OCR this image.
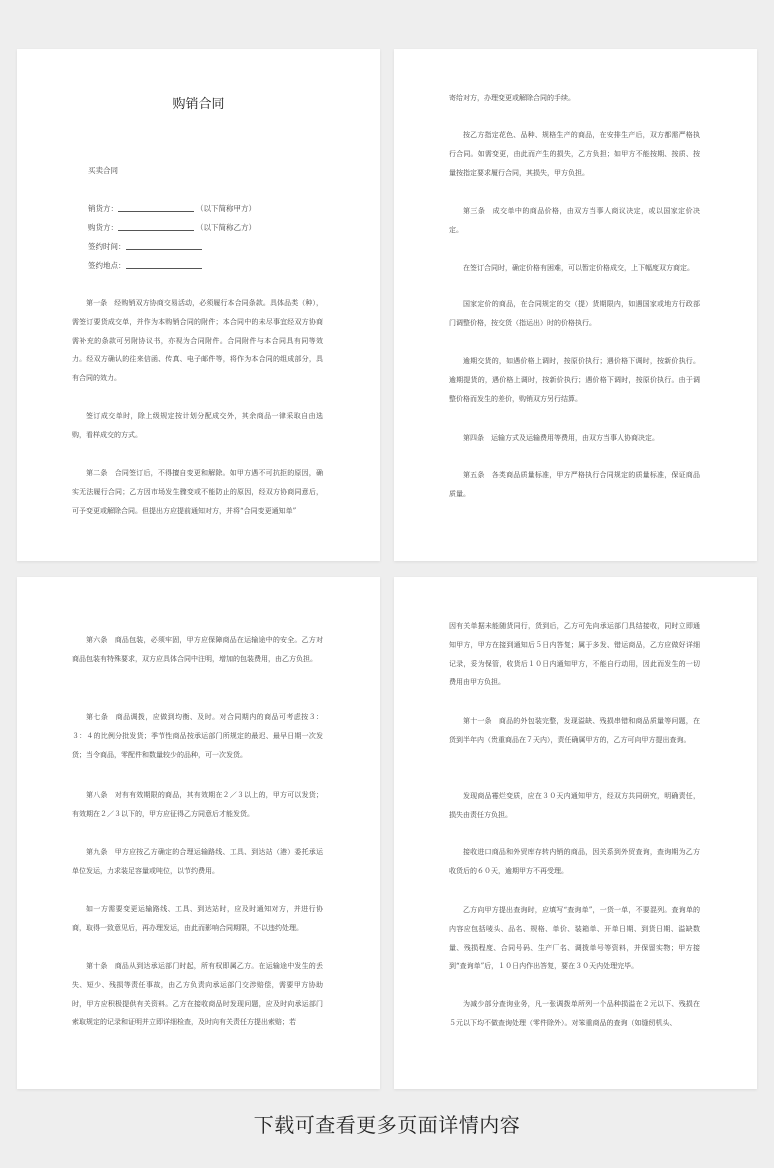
购销合同
买卖合同
销货方：	（以下简称甲方）
购货方：	（以下简称乙方）
签约时间：
签约地点：

第一条　经购销双方协商交易活动，必须履行本合同条款。具体品类（种），需签订要货成交单，并作为本购销合同的附件；本合同中的未尽事宜经双方协商需补充的条款可另附协议书，亦视为合同附件。合同附件与本合同具有同等效力。经双方确认的往来信函、传真、电子邮件等，将作为本合同的组成部分，具有合同的效力。

签订成交单时，除上级规定按计划分配成交外，其余商品一律采取自由选购，看样成交的方式。

第二条　合同签订后，不得擅自变更和解除。如甲方遇不可抗拒的原因，确实无法履行合同；乙方因市场发生骤变或不能防止的原因，经双方协商同意后，可予变更或解除合同。但提出方应提前通知对方，并将“合同变更通知单”

寄给对方，办理变更或解除合同的手续。

按乙方指定花色、品种、规格生产的商品，在安排生产后，双方都需严格执行合同。如需变更，由此而产生的损失，乙方负担；如甲方不能按期、按质、按量按指定要求履行合同，其损失，甲方负担。

第三条　成交单中的商品价格，由双方当事人商议决定，或以国家定价决定。

在签订合同时，确定价格有困难，可以暂定价格成交，上下幅度双方商定。

国家定价的商品，在合同规定的交（提）货期限内，如遇国家或地方行政部门调整价格，按交货（指运出）时的价格执行。

逾期交货的，如遇价格上调时，按原价执行；遇价格下调时，按新价执行。逾期提货的，遇价格上调时，按新价执行；遇价格下调时，按原价执行。由于调整价格而发生的差价，购销双方另行结算。

第四条　运输方式及运输费用等费用，由双方当事人协商决定。

第五条　各类商品质量标准，甲方严格执行合同规定的质量标准，保证商品质量。

第六条　商品包装，必须牢固，甲方应保障商品在运输途中的安全。乙方对商品包装有特殊要求，双方应具体合同中注明，增加的包装费用，由乙方负担。

第七条　商品调拨，应做到均衡、及时。对合同期内的商品可考虑按３：３：４的比例分批发货；季节性商品按承运部门所规定的最迟、最早日期一次发货；当令商品，零配件和数量较少的品种，可一次发货。

第八条　对有有效期限的商品，其有效期在２／３以上的，甲方可以发货；有效期在２／３以下的，甲方应征得乙方同意后才能发货。

第九条　甲方应按乙方确定的合理运输路线、工具、到达站（港）委托承运单位发运，力求装足容量或吨位，以节约费用。

如一方需要变更运输路线、工具、到达站时，应及时通知对方，并进行协商，取得一致意见后，再办理发运，由此而影响合同期限，不以违约处理。

第十条　商品从到达承运部门时起，所有权即属乙方。在运输途中发生的丢失、短少、残损等责任事故，由乙方负责向承运部门交涉赔偿，需要甲方协助时，甲方应积极提供有关资料。乙方在接收商品时发现问题，应及时向承运部门索取规定的记录和证明并立即详细检查，及时向有关责任方提出索赔；若

因有关单据未能随货同行，货到后，乙方可先向承运部门具结接收，同时立即通知甲方，甲方在接到通知后５日内答复；属于多发、错运商品，乙方应做好详细记录，妥为保管，收货后１０日内通知甲方，不能自行动用，因此而发生的一切费用由甲方负担。

第十一条　商品的外包装完整，发现溢缺、残损串错和商品质量等问题，在货到半年内（贵重商品在７天内），责任确属甲方的，乙方可向甲方提出查询。

发现商品霉烂变质，应在３０天内通知甲方，经双方共同研究，明确责任，损失由责任方负担。

接收进口商品和外贸库存转内销的商品，因关系到外贸查询，查询期为乙方收货后的６０天，逾期甲方不再受理。

乙方向甲方提出查询时，应填写“查询单”，一货一单，不要混列。查询单的内容应包括唛头、品名、规格、单价、装箱单、开单日期、到货日期、溢缺数量、残损程度、合同号码、生产厂名、调拨单号等资料，并保留实物；甲方接到“查询单”后，１０日内作出答复，要在３０天内处理完毕。

为减少部分查询业务，凡一张调拨单所列一个品种损溢在２元以下、残损在５元以下均不做查询处理（零件除外）。对笨重商品的查询（如缝纫机头、

下载可查看更多页面详情内容
